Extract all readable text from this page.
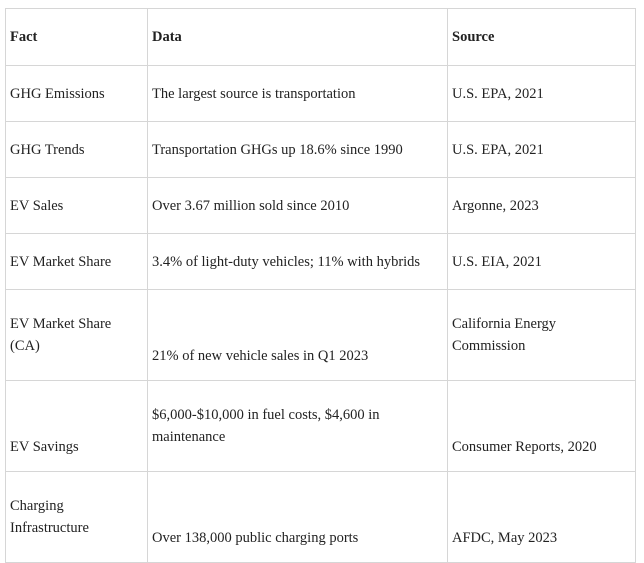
Fact	Data	Source
GHG Emissions	The largest source is transportation	U.S. EPA, 2021
GHG Trends	Transportation GHGs up 18.6% since 1990	U.S. EPA, 2021
EV Sales	Over 3.67 million sold since 2010	Argonne, 2023
EV Market Share	3.4% of light-duty vehicles; 11% with hybrids	U.S. EIA, 2021
EV Market Share (CA)	21% of new vehicle sales in Q1 2023	California Energy Commission
EV Savings	$6,000-$10,000 in fuel costs, $4,600 in maintenance	Consumer Reports, 2020
Charging Infrastructure	Over 138,000 public charging ports	AFDC, May 2023
